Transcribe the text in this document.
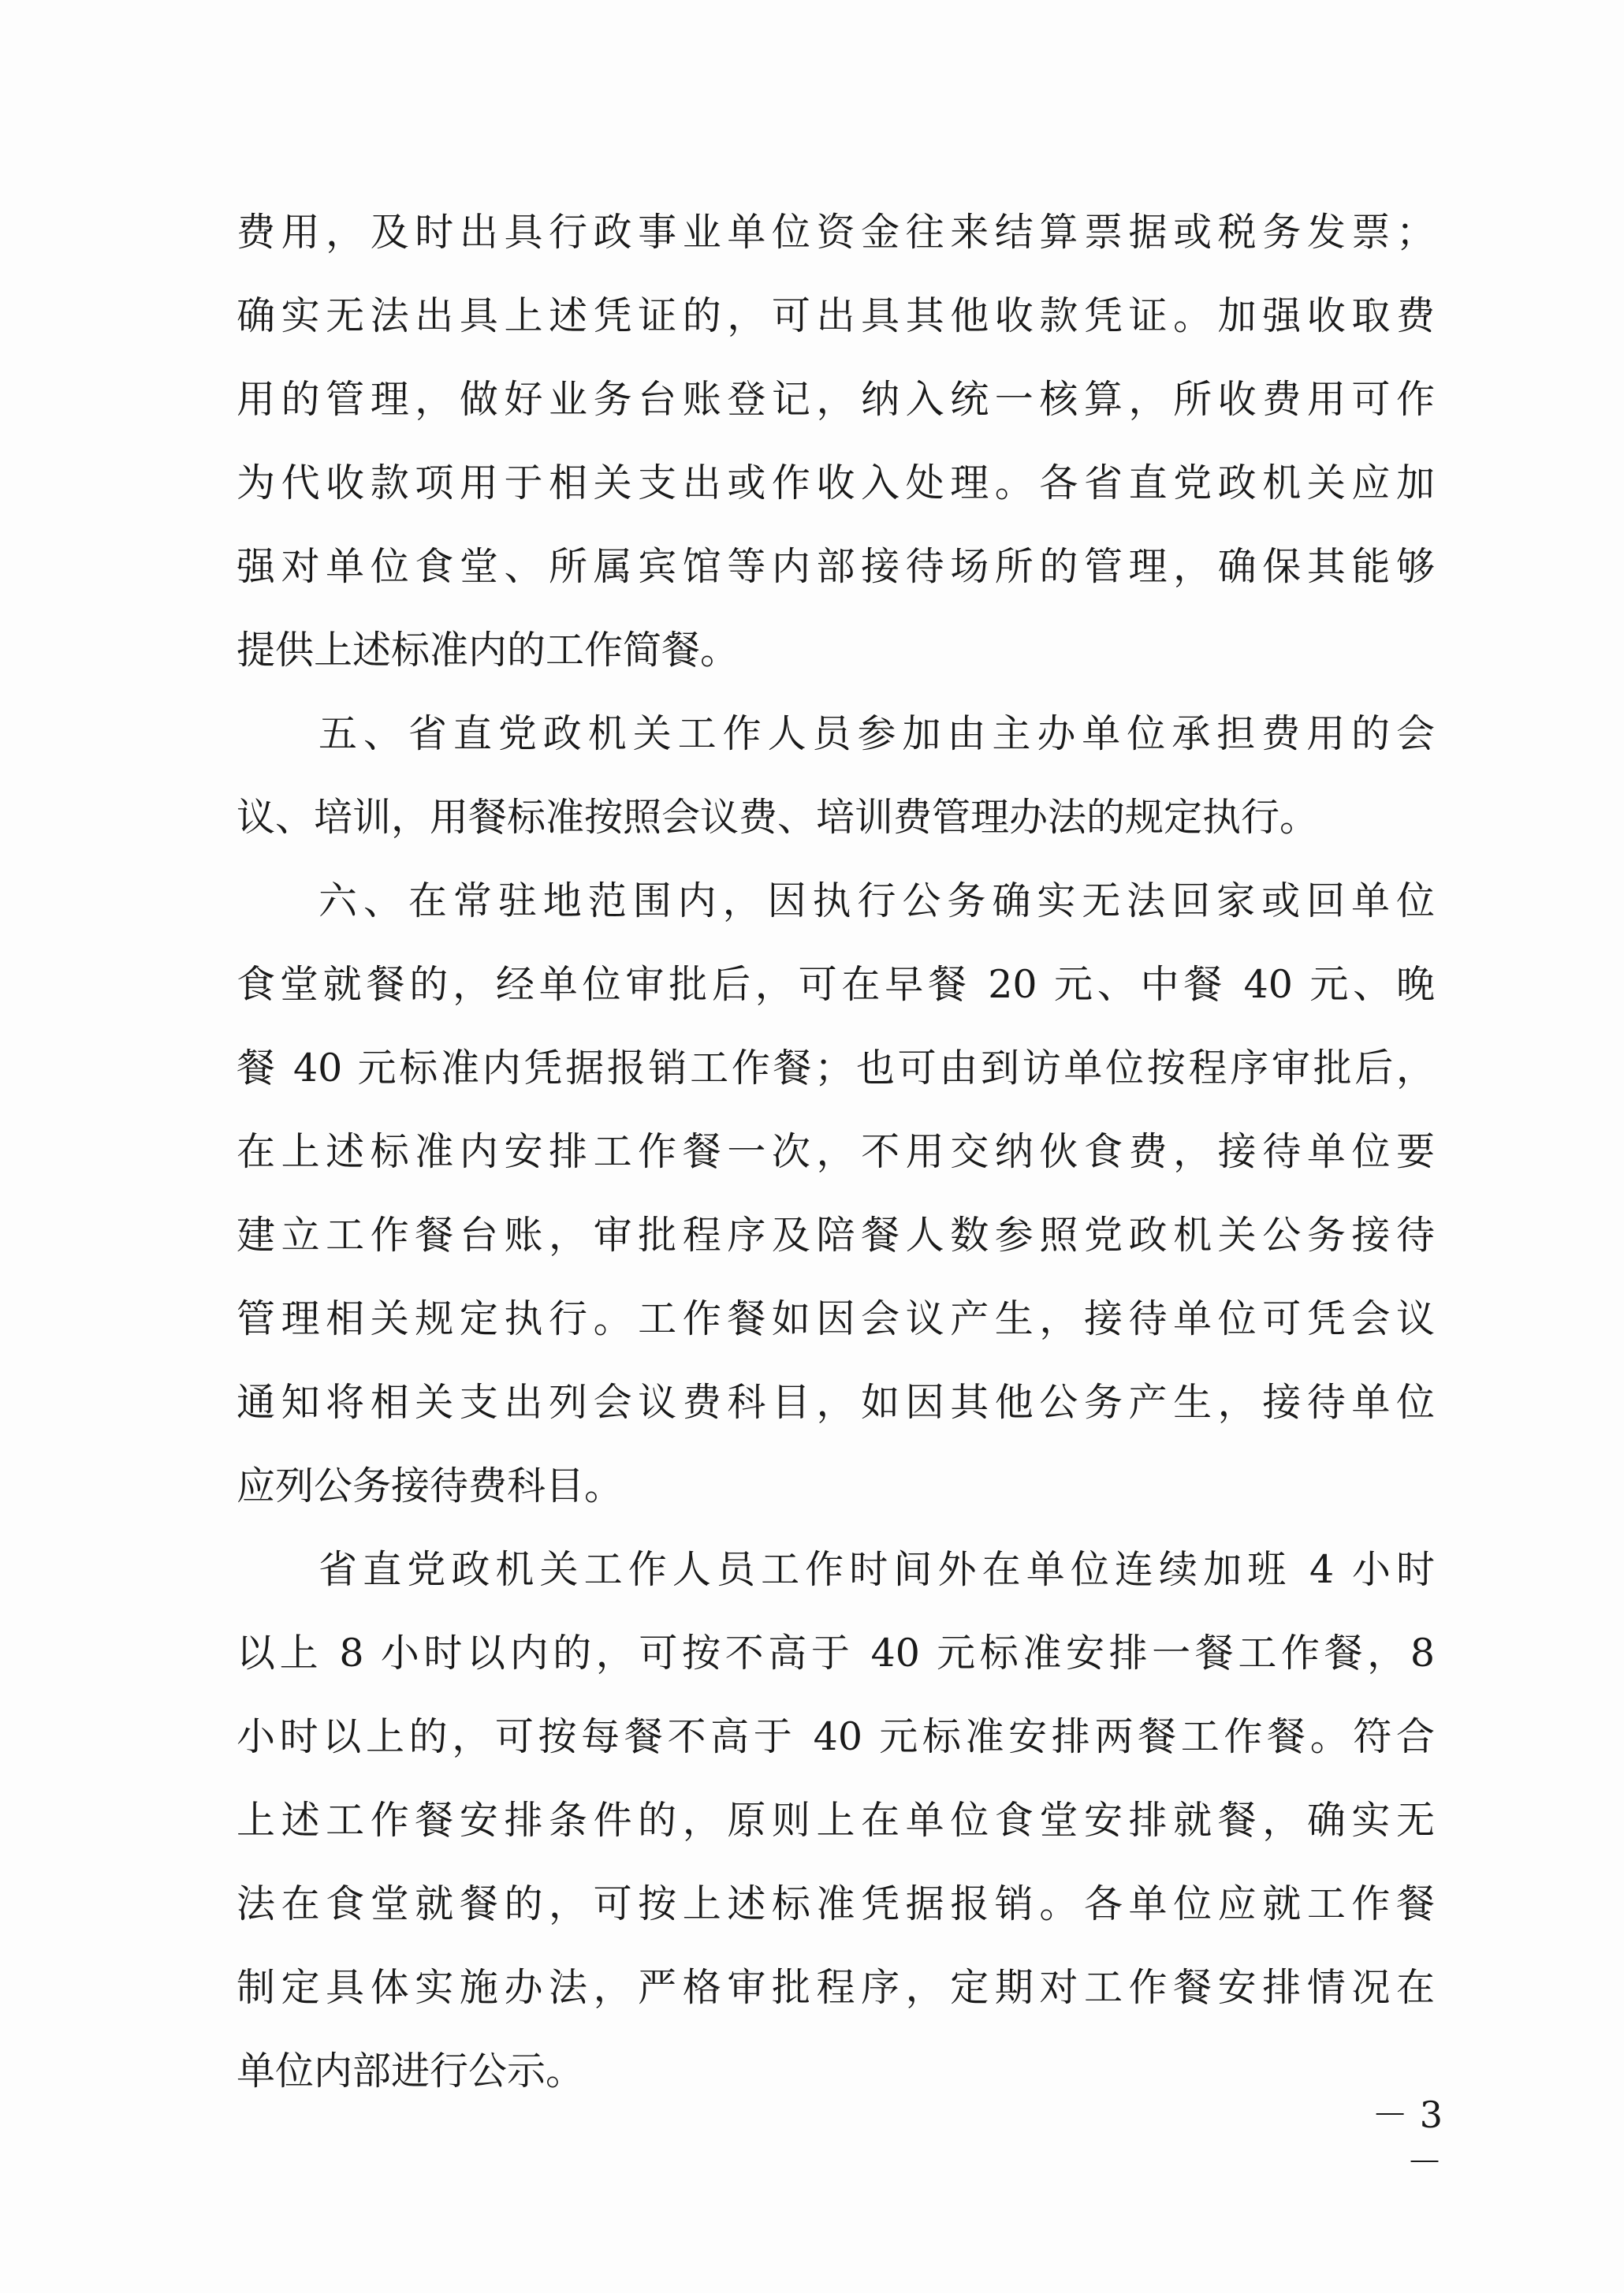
费用，及时出具行政事业单位资金往来结算票据或税务发票；
确实无法出具上述凭证的，可出具其他收款凭证。加强收取费
用的管理，做好业务台账登记，纳入统一核算，所收费用可作
为代收款项用于相关支出或作收入处理。各省直党政机关应加
强对单位食堂、所属宾馆等内部接待场所的管理，确保其能够
提供上述标准内的工作简餐。
五、省直党政机关工作人员参加由主办单位承担费用的会
议、培训，用餐标准按照会议费、培训费管理办法的规定执行。
六、在常驻地范围内，因执行公务确实无法回家或回单位
食堂就餐的，经单位审批后，可在早餐 20 元、中餐 40 元、晚
餐 40 元标准内凭据报销工作餐；也可由到访单位按程序审批后，
在上述标准内安排工作餐一次，不用交纳伙食费，接待单位要
建立工作餐台账，审批程序及陪餐人数参照党政机关公务接待
管理相关规定执行。工作餐如因会议产生，接待单位可凭会议
通知将相关支出列会议费科目，如因其他公务产生，接待单位
应列公务接待费科目。
省直党政机关工作人员工作时间外在单位连续加班 4 小时
以上 8 小时以内的，可按不高于 40 元标准安排一餐工作餐，8
小时以上的，可按每餐不高于 40 元标准安排两餐工作餐。符合
上述工作餐安排条件的，原则上在单位食堂安排就餐，确实无
法在食堂就餐的，可按上述标准凭据报销。各单位应就工作餐
制定具体实施办法，严格审批程序，定期对工作餐安排情况在
单位内部进行公示。
－ 3 －
